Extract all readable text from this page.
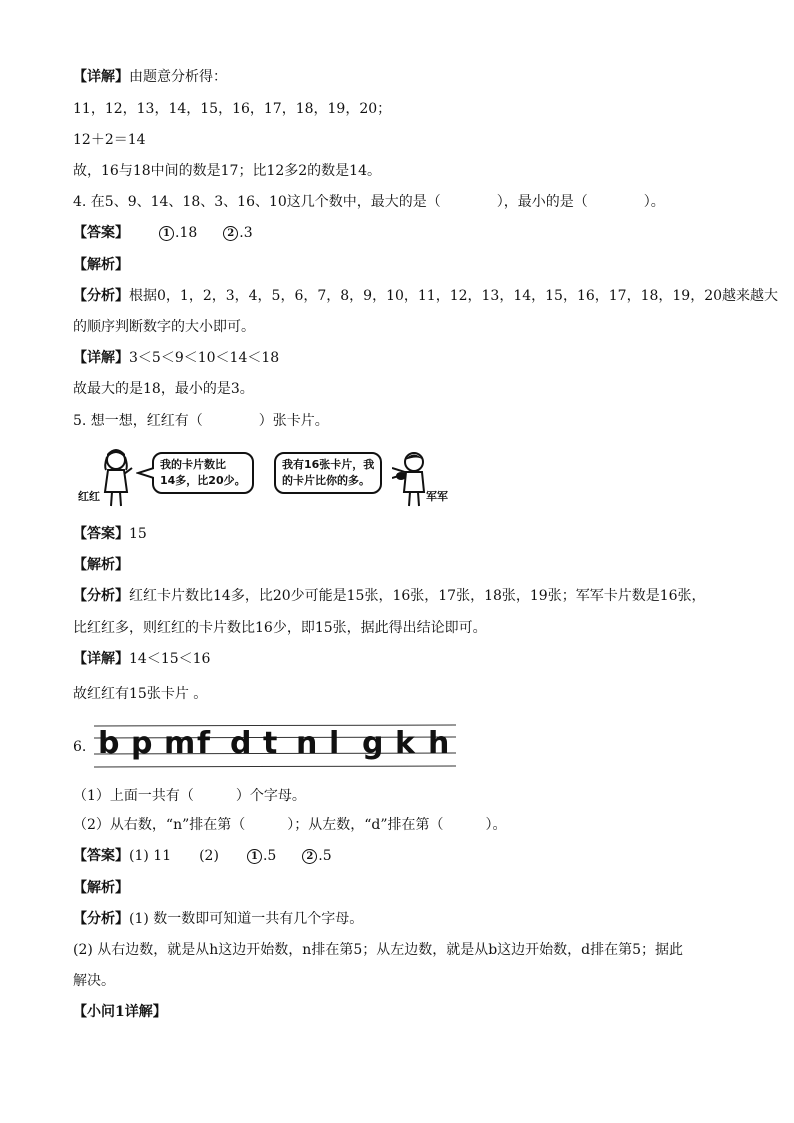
【详解】由题意分析得：
11，12，13，14，15，16，17，18，19，20；
12＋2＝14
故，16与18中间的数是17；比12多2的数是14。
4. 在5、9、14、18、3、16、10这几个数中，最大的是（　　　　），最小的是（　　　　）。
【答案】	1 .18	2 .3
【解析】
【分析】根据0，1，2，3，4，5，6，7，8，9，10，11，12，13，14，15，16，17，18，19，20越来越大
的顺序判断数字的大小即可。
【详解】3＜5＜9＜10＜14＜18
故最大的是18，最小的是3。
5. 想一想，红红有（　　　　）张卡片。
红红
我的卡片数比
14多，比20少。
我有16张卡片，我
的卡片比你的多。
军军
【答案】15
【解析】
【分析】红红卡片数比14多，比20少可能是15张，16张，17张，18张，19张；军军卡片数是16张，
比红红多，则红红的卡片数比16少，即15张，据此得出结论即可。
【详解】14＜15＜16
故红红有15张卡片 。
6. b p m f d t n l g k h
（1）上面一共有（　　　）个字母。
（2）从右数，“n”排在第（　　　）；从左数，“d”排在第（　　　）。
【答案】(1) 11　　(2)　　1 .5	2 .5
【解析】
【分析】(1) 数一数即可知道一共有几个字母。
(2) 从右边数，就是从h这边开始数，n排在第5；从左边数，就是从b这边开始数，d排在第5；据此
解决。
【小问1详解】
